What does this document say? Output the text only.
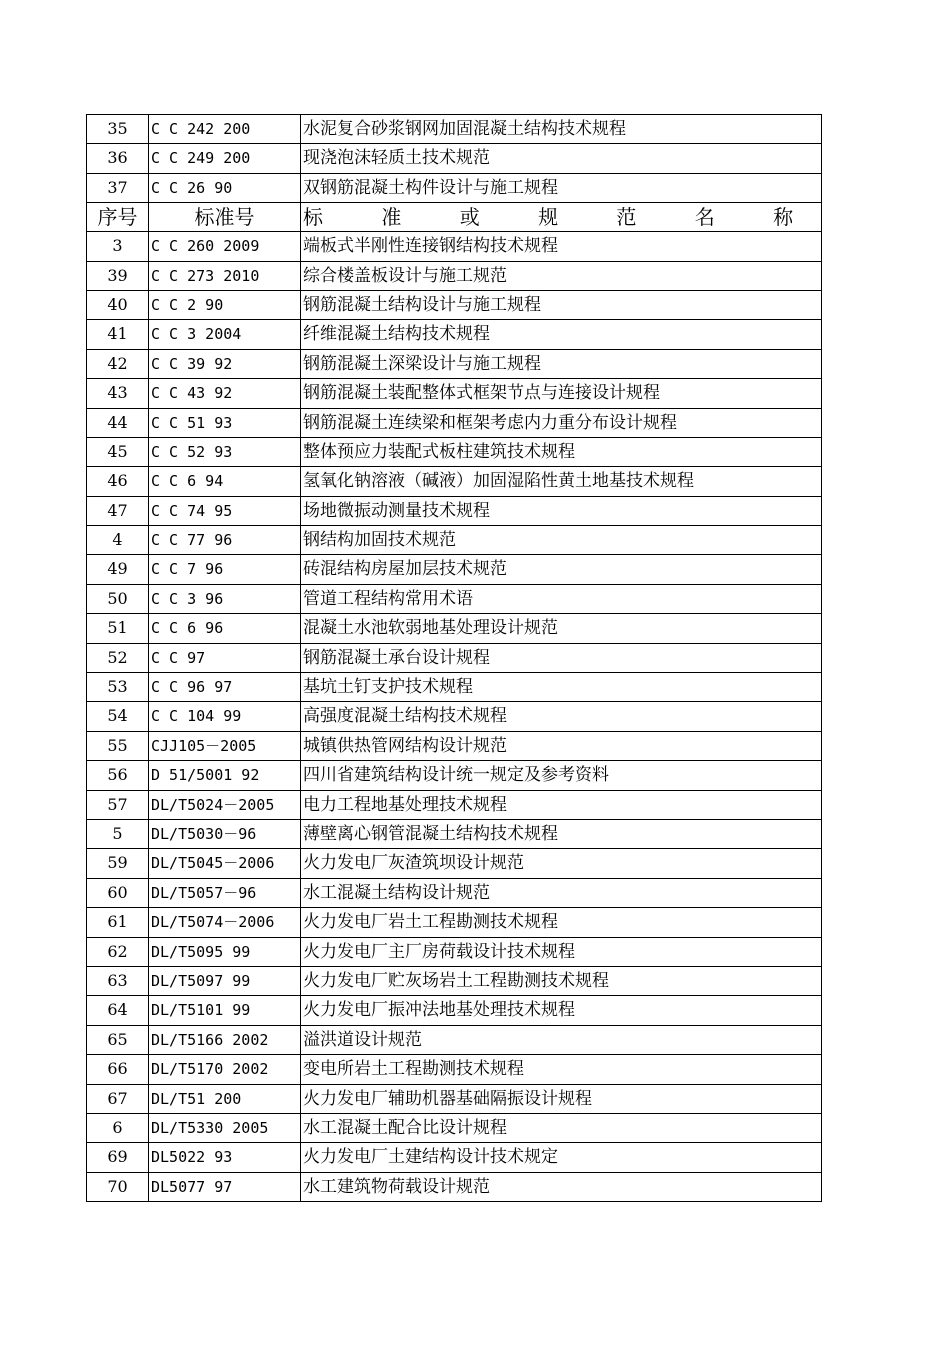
35	C C 242 200	水泥复合砂浆钢网加固混凝土结构技术规程
36	C C 249 200	现浇泡沫轻质土技术规范
37	C C 26 90	双钢筋混凝土构件设计与施工规程
序号	标准号	标 准 或 规 范 名 称
3	C C 260 2009	端板式半刚性连接钢结构技术规程
39	C C 273 2010	综合楼盖板设计与施工规范
40	C C 2 90	钢筋混凝土结构设计与施工规程
41	C C 3 2004	纤维混凝土结构技术规程
42	C C 39 92	钢筋混凝土深梁设计与施工规程
43	C C 43 92	钢筋混凝土装配整体式框架节点与连接设计规程
44	C C 51 93	钢筋混凝土连续梁和框架考虑内力重分布设计规程
45	C C 52 93	整体预应力装配式板柱建筑技术规程
46	C C 6 94	氢氧化钠溶液（碱液）加固湿陷性黄土地基技术规程
47	C C 74 95	场地微振动测量技术规程
4	C C 77 96	钢结构加固技术规范
49	C C 7 96	砖混结构房屋加层技术规范
50	C C 3 96	管道工程结构常用术语
51	C C 6 96	混凝土水池软弱地基处理设计规范
52	C C 97	钢筋混凝土承台设计规程
53	C C 96 97	基坑土钉支护技术规程
54	C C 104 99	高强度混凝土结构技术规程
55	CJJ105－2005	城镇供热管网结构设计规范
56	D 51/5001 92	四川省建筑结构设计统一规定及参考资料
57	DL/T5024－2005	电力工程地基处理技术规程
5	DL/T5030－96	薄壁离心钢管混凝土结构技术规程
59	DL/T5045－2006	火力发电厂灰渣筑坝设计规范
60	DL/T5057－96	水工混凝土结构设计规范
61	DL/T5074－2006	火力发电厂岩土工程勘测技术规程
62	DL/T5095 99	火力发电厂主厂房荷载设计技术规程
63	DL/T5097 99	火力发电厂贮灰场岩土工程勘测技术规程
64	DL/T5101 99	火力发电厂振冲法地基处理技术规程
65	DL/T5166 2002	溢洪道设计规范
66	DL/T5170 2002	变电所岩土工程勘测技术规程
67	DL/T51 200	火力发电厂辅助机器基础隔振设计规程
6	DL/T5330 2005	水工混凝土配合比设计规程
69	DL5022 93	火力发电厂土建结构设计技术规定
70	DL5077 97	水工建筑物荷载设计规范
